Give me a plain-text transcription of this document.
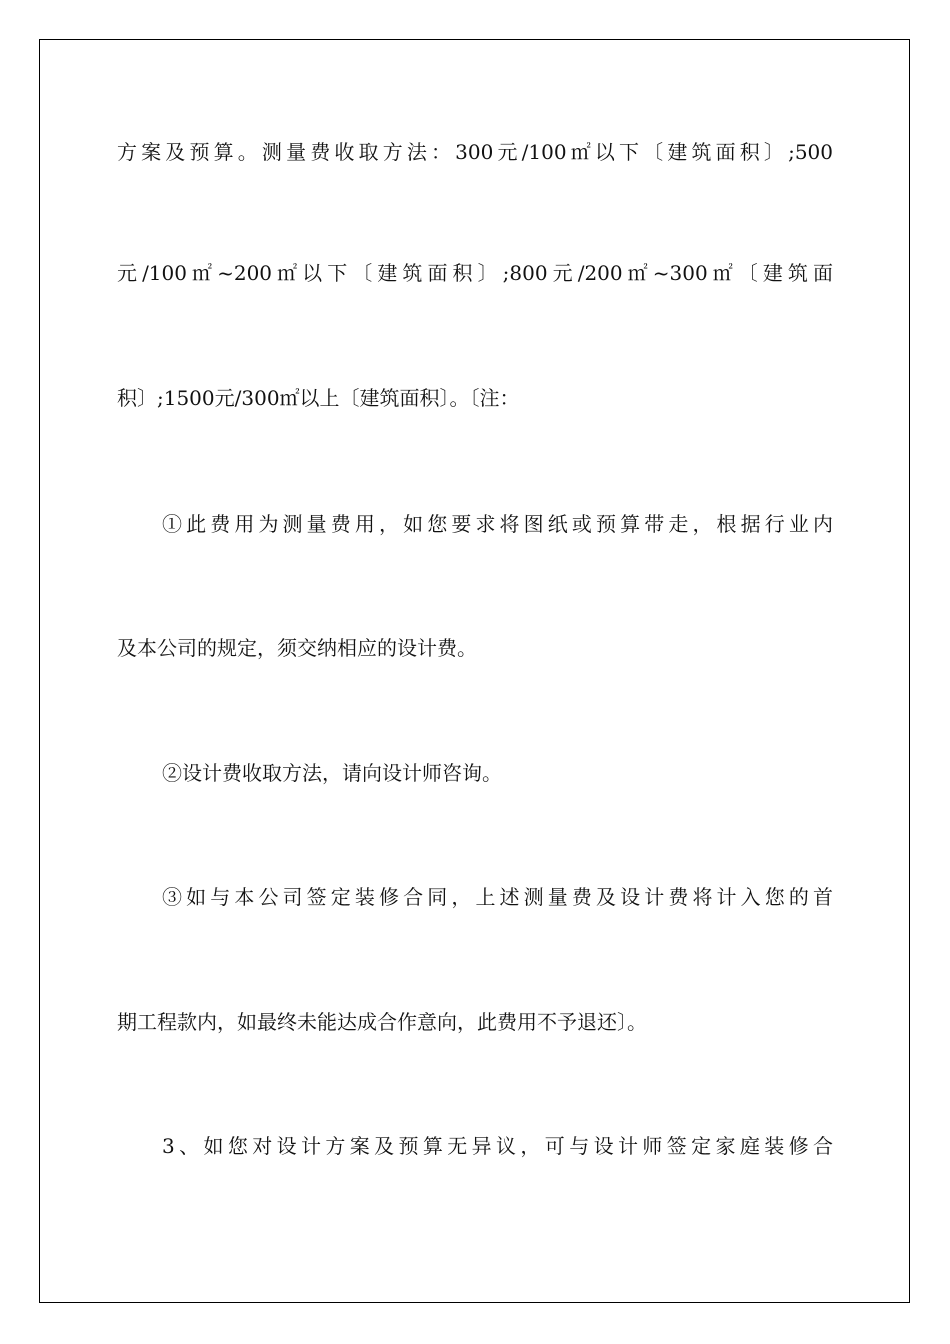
方案及预算。测量费收取方法：300元/100㎡以下〔建筑面积〕;500
元/100㎡~200㎡以下〔建筑面积〕;800元/200㎡~300㎡〔建筑面
积〕;1500元/300㎡以上〔建筑面积〕。〔注：
①此费用为测量费用，如您要求将图纸或预算带走，根据行业内
及本公司的规定，须交纳相应的设计费。
②设计费收取方法，请向设计师咨询。
③如与本公司签定装修合同，上述测量费及设计费将计入您的首
期工程款内，如最终未能达成合作意向，此费用不予退还〕。
3、如您对设计方案及预算无异议，可与设计师签定家庭装修合
